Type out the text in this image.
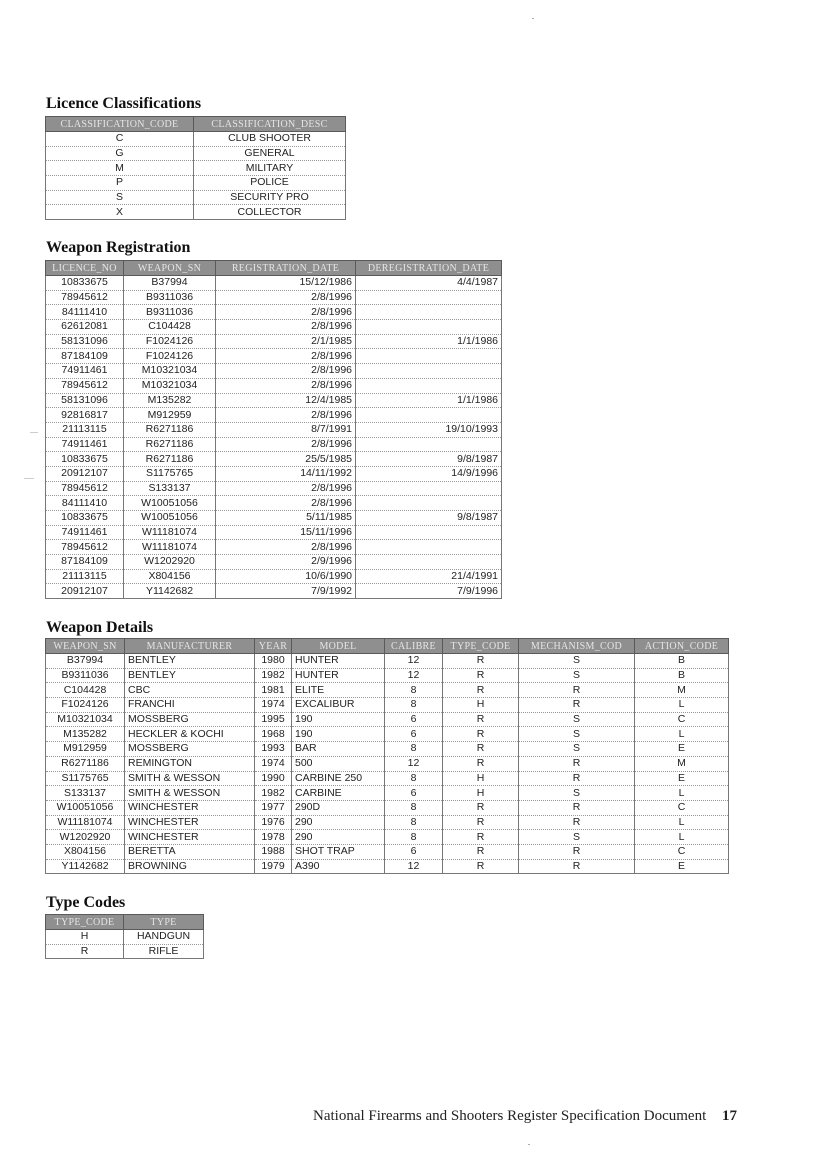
Licence Classifications
CLASSIFICATION_CODE	CLASSIFICATION_DESC
C	CLUB SHOOTER
G	GENERAL
M	MILITARY
P	POLICE
S	SECURITY PRO
X	COLLECTOR
Weapon Registration
LICENCE_NO	WEAPON_SN	REGISTRATION_DATE	DEREGISTRATION_DATE
10833675	B37994	15/12/1986	4/4/1987
78945612	B9311036	2/8/1996	
84111410	B9311036	2/8/1996	
62612081	C104428	2/8/1996	
58131096	F1024126	2/1/1985	1/1/1986
87184109	F1024126	2/8/1996	
74911461	M10321034	2/8/1996	
78945612	M10321034	2/8/1996	
58131096	M135282	12/4/1985	1/1/1986
92816817	M912959	2/8/1996	
21113115	R6271186	8/7/1991	19/10/1993
74911461	R6271186	2/8/1996	
10833675	R6271186	25/5/1985	9/8/1987
20912107	S1175765	14/11/1992	14/9/1996
78945612	S133137	2/8/1996	
84111410	W10051056	2/8/1996	
10833675	W10051056	5/11/1985	9/8/1987
74911461	W11181074	15/11/1996	
78945612	W11181074	2/8/1996	
87184109	W1202920	2/9/1996	
21113115	X804156	10/6/1990	21/4/1991
20912107	Y1142682	7/9/1992	7/9/1996
Weapon Details
WEAPON_SN	MANUFACTURER	YEAR	MODEL	CALIBRE	TYPE_CODE	MECHANISM_COD	ACTION_CODE
B37994	BENTLEY	1980	HUNTER	12	R	S	B
B9311036	BENTLEY	1982	HUNTER	12	R	S	B
C104428	CBC	1981	ELITE	8	R	R	M
F1024126	FRANCHI	1974	EXCALIBUR	8	H	R	L
M10321034	MOSSBERG	1995	190	6	R	S	C
M135282	HECKLER & KOCHI	1968	190	6	R	S	L
M912959	MOSSBERG	1993	BAR	8	R	S	E
R6271186	REMINGTON	1974	500	12	R	R	M
S1175765	SMITH & WESSON	1990	CARBINE 250	8	H	R	E
S133137	SMITH & WESSON	1982	CARBINE	6	H	S	L
W10051056	WINCHESTER	1977	290D	8	R	R	C
W11181074	WINCHESTER	1976	290	8	R	R	L
W1202920	WINCHESTER	1978	290	8	R	S	L
X804156	BERETTA	1988	SHOT TRAP	6	R	R	C
Y1142682	BROWNING	1979	A390	12	R	R	E
Type Codes
TYPE_CODE	TYPE
H	HANDGUN
R	RIFLE
National Firearms and Shooters Register Specification Document 17
